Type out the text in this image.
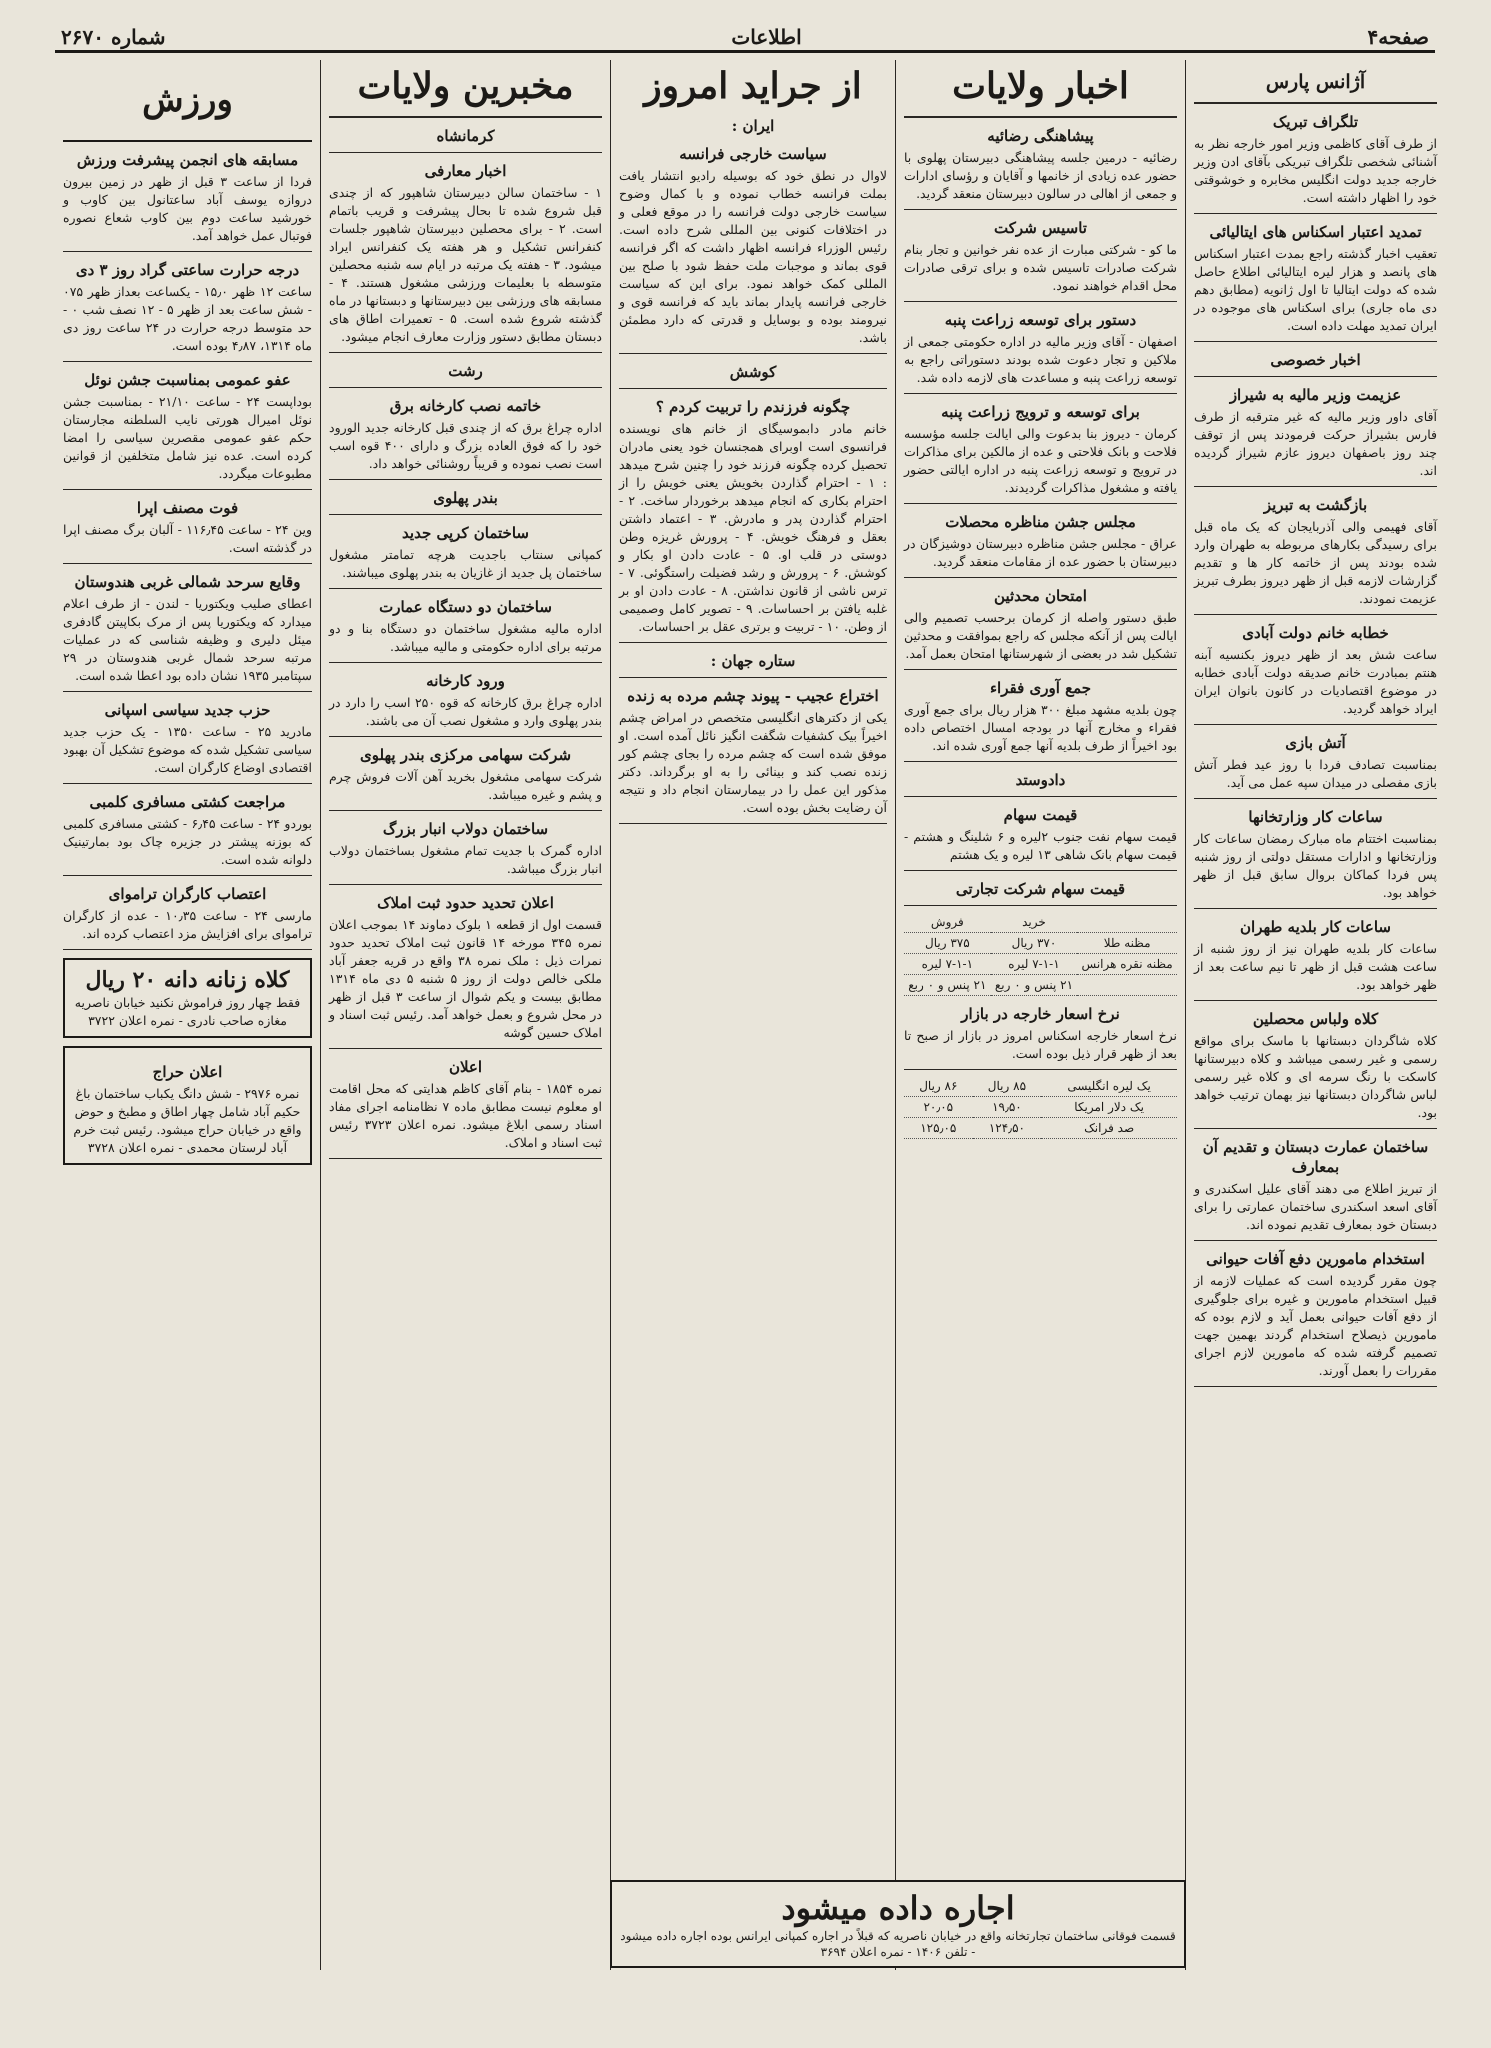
صفحه۴
اطلاعات
شماره ۲۶۷۰
آژانس پارس
تلگراف تبریک
از طرف آقای کاظمی وزیر امور خارجه نظر به آشنائی شخصی تلگراف تبریکی بآقای ادن وزیر خارجه جدید دولت انگلیس مخابره و خوشوقتی خود را اظهار داشته است.
تمدید اعتبار اسکناس های ایتالیائی
تعقیب اخبار گذشته راجع بمدت اعتبار اسکناس های پانصد و هزار لیره ایتالیائی اطلاع حاصل شده که دولت ایتالیا تا اول ژانویه (مطابق دهم دی ماه جاری) برای اسکناس های موجوده در ایران تمدید مهلت داده است.
اخبار خصوصی
عزیمت وزیر مالیه به شیراز
آقای داور وزیر مالیه که غیر مترقبه از طرف فارس بشیراز حرکت فرمودند پس از توقف چند روز باصفهان دیروز عازم شیراز گردیده اند.
بازگشت به تبریز
آقای فهیمی والی آذربایجان که یک ماه قبل برای رسیدگی بکارهای مربوطه به طهران وارد شده بودند پس از خاتمه کار ها و تقدیم گزارشات لازمه قبل از ظهر دیروز بطرف تبریز عزیمت نمودند.
خطابه خانم دولت آبادی
ساعت شش بعد از ظهر دیروز بکنسیه آبنه هنتم بمبادرت خانم صدیقه دولت آبادی خطابه در موضوع اقتصادیات در کانون بانوان ایران ایراد خواهد گردید.
آتش بازی
بمناسبت تصادف فردا با روز عید فطر آتش بازی مفصلی در میدان سپه عمل می آید.
ساعات کار وزارتخانها
بمناسبت اختتام ماه مبارک رمضان ساعات کار وزارتخانها و ادارات مستقل دولتی از روز شنبه پس فردا کماکان بروال سابق قبل از ظهر خواهد بود.
ساعات کار بلدیه طهران
ساعات کار بلدیه طهران نیز از روز شنبه از ساعت هشت قبل از ظهر تا نیم ساعت بعد از ظهر خواهد بود.
کلاه ولباس محصلین
کلاه شاگردان دبستانها با ماسک برای مواقع رسمی و غیر رسمی میباشد و کلاه دبیرستانها کاسکت با رنگ سرمه ای و کلاه غیر رسمی لباس شاگردان دبستانها نیز بهمان ترتیب خواهد بود.
ساختمان عمارت دبستان و تقدیم آن بمعارف
از تبریز اطلاع می دهند آقای علیل اسکندری و آقای اسعد اسکندری ساختمان عمارتی را برای دبستان خود بمعارف تقدیم نموده اند.
استخدام مامورین دفع آفات حیوانی
چون مقرر گردیده است که عملیات لازمه از قبیل استخدام مامورین و غیره برای جلوگیری از دفع آفات حیوانی بعمل آید و لازم بوده که مامورین ذیصلاح استخدام گردند بهمین جهت تصمیم گرفته شده که مامورین لازم اجرای مقررات را بعمل آورند.
اخبار ولایات
پیشاهنگی رضائیه
رضائیه - درمین جلسه پیشاهنگی دبیرستان پهلوی با حضور عده زیادی از خانمها و آقایان و رؤسای ادارات و جمعی از اهالی در سالون دبیرستان منعقد گردید.
تاسیس شرکت
ما کو - شرکتی مبارت از عده نفر خوانین و تجار بنام شرکت صادرات تاسیس شده و برای ترقی صادرات محل اقدام خواهند نمود.
دستور برای توسعه زراعت پنبه
اصفهان - آقای وزیر مالیه در اداره حکومتی جمعی از ملاکین و تجار دعوت شده بودند دستوراتی راجع به توسعه زراعت پنبه و مساعدت های لازمه داده شد.
برای توسعه و ترویج زراعت پنبه
کرمان - دیروز بنا بدعوت والی ایالت جلسه مؤسسه فلاحت و بانک فلاحتی و عده از مالکین برای مذاکرات در ترویج و توسعه زراعت پنبه در اداره ایالتی حضور یافته و مشغول مذاکرات گردیدند.
مجلس جشن مناظره محصلات
عراق - مجلس جشن مناظره دبیرستان دوشیزگان در دبیرستان با حضور عده از مقامات منعقد گردید.
امتحان محدثین
طبق دستور واصله از کرمان برحسب تصمیم والی ایالت پس از آنکه مجلس که راجع بموافقت و محدثین تشکیل شد در بعضی از شهرستانها امتحان بعمل آمد.
جمع آوری فقراء
چون بلدیه مشهد مبلغ ۳۰۰ هزار ریال برای جمع آوری فقراء و مخارج آنها در بودجه امسال اختصاص داده بود اخیراً از طرف بلدیه آنها جمع آوری شده اند.
دادوستد
قیمت سهام
قیمت سهام نفت جنوب ۲لیره و ۶ شلینگ و هشتم - قیمت سهام بانک شاهی ۱۳ لیره و یک هشتم
قیمت سهام شرکت تجارتی
	خرید	فروش
مظنه طلا	۳۷۰ ریال	۳۷۵ ریال
مظنه نقره هرانس	۷-۱-۱ لیره	۷-۱-۱ لیره
	۲۱ پنس و ۰ ربع	۲۱ پنس و ۰ ربع
نرخ اسعار خارجه در بازار
نرخ اسعار خارجه اسکناس امروز در بازار از صبح تا بعد از ظهر قرار ذیل بوده است.
یک لیره انگلیسی	۸۵ ریال	۸۶ ریال
یک دلار امریکا	۱۹٫۵۰	۲۰٫۰۵
صد فرانک	۱۲۴٫۵۰	۱۲۵٫۰۵
از جراید امروز
ایران :
سیاست خارجی فرانسه
لاوال در نطق خود که بوسیله رادیو انتشار یافت بملت فرانسه خطاب نموده و با کمال وضوح سیاست خارجی دولت فرانسه را در موقع فعلی و در اختلافات کنونی بین المللی شرح داده است. رئیس الوزراء فرانسه اظهار داشت که اگر فرانسه قوی بماند و موجبات ملت حفظ شود با صلح بین المللی کمک خواهد نمود. برای این که سیاست خارجی فرانسه پایدار بماند باید که فرانسه قوی و نیرومند بوده و بوسایل و قدرتی که دارد مطمئن باشد.
کوشش
چگونه فرزندم را تربیت کردم ؟
خانم مادر دابموسیگای از خانم های نویسنده فرانسوی است اوبرای همجنسان خود یعنی مادران تحصیل کرده چگونه فرزند خود را چنین شرح میدهد : ۱ - احترام گذاردن بخویش یعنی خویش را از احترام بکاری که انجام میدهد برخوردار ساخت. ۲ - احترام گذاردن پدر و مادرش. ۳ - اعتماد داشتن بعقل و فرهنگ خویش. ۴ - پرورش غریزه وطن دوستی در قلب او. ۵ - عادت دادن او بکار و کوشش. ۶ - پرورش و رشد فضیلت راستگوئی. ۷ - ترس ناشی از قانون نداشتن. ۸ - عادت دادن او بر غلبه یافتن بر احساسات. ۹ - تصویر کامل وصمیمی از وطن. ۱۰ - تربیت و برتری عقل بر احساسات.
ستاره جهان :
اختراع عجیب - پیوند چشم مرده به زنده
یکی از دکترهای انگلیسی متخصص در امراض چشم اخیراً بیک کشفیات شگفت انگیز نائل آمده است. او موفق شده است که چشم مرده را بجای چشم کور زنده نصب کند و بینائی را به او برگرداند. دکتر مذکور این عمل را در بیمارستان انجام داد و نتیجه آن رضایت بخش بوده است.
مخبرین ولایات
کرمانشاه
اخبار معارفی
۱ - ساختمان سالن دبیرستان شاهپور که از چندی قبل شروع شده تا بحال پیشرفت و قریب باتمام است. ۲ - برای محصلین دبیرستان شاهپور جلسات کنفرانس تشکیل و هر هفته یک کنفرانس ایراد میشود. ۳ - هفته یک مرتبه در ایام سه شنبه محصلین متوسطه با بعلیمات ورزشی مشغول هستند. ۴ - مسابقه های ورزشی بین دبیرستانها و دبستانها در ماه گذشته شروع شده است. ۵ - تعمیرات اطاق های دبستان مطابق دستور وزارت معارف انجام میشود.
رشت
خاتمه نصب کارخانه برق
اداره چراغ برق که از چندی قبل کارخانه جدید الورود خود را که فوق العاده بزرگ و دارای ۴۰۰ قوه اسب است نصب نموده و قریباً روشنائی خواهد داد.
بندر پهلوی
ساختمان کرپی جدید
کمپانی سنتاب باجدیت هرچه تمامتر مشغول ساختمان پل جدید از غازیان به بندر پهلوی میباشند.
ساختمان دو دستگاه عمارت
اداره مالیه مشغول ساختمان دو دستگاه بنا و دو مرتبه برای اداره حکومتی و مالیه میباشد.
ورود کارخانه
اداره چراغ برق کارخانه که قوه ۲۵۰ اسب را دارد در بندر پهلوی وارد و مشغول نصب آن می باشند.
شرکت سهامی مرکزی بندر پهلوی
شرکت سهامی مشغول بخرید آهن آلات فروش چرم و پشم و غیره میباشد.
ساختمان دولاب انبار بزرگ
اداره گمرک با جدیت تمام مشغول بساختمان دولاب انبار بزرگ میباشد.
اعلان تحدید حدود ثبت املاک
قسمت اول از قطعه ۱ بلوک دماوند ۱۴ بموجب اعلان نمره ۳۴۵ مورخه ۱۴ قانون ثبت املاک تحدید حدود نمرات ذیل : ملک نمره ۳۸ واقع در قریه جعفر آباد ملکی خالص دولت از روز ۵ شنبه ۵ دی ماه ۱۳۱۴ مطابق بیست و یکم شوال از ساعت ۳ قبل از ظهر در محل شروع و بعمل خواهد آمد. رئیس ثبت اسناد و املاک حسین گوشه
اعلان
نمره ۱۸۵۴ - بنام آقای کاظم هدایتی که محل اقامت او معلوم نیست مطابق ماده ۷ نظامنامه اجرای مفاد اسناد رسمی ابلاغ میشود. نمره اعلان ۳۷۲۳ رئیس ثبت اسناد و املاک.
ورزش
مسابقه های انجمن پیشرفت ورزش
فردا از ساعت ۳ قبل از ظهر در زمین بیرون دروازه یوسف آباد ساعتانول بین کاوب و خورشید ساعت دوم بین کاوب شعاع نصوره فوتبال عمل خواهد آمد.
درجه حرارت ساعتی گراد روز ۳ دی
ساعت ۱۲ ظهر ۱۵٫۰ - یکساعت بعداز ظهر ۰۷۵ - شش ساعت بعد از ظهر ۵ - ۱۲ نصف شب ۰ - حد متوسط درجه حرارت در ۲۴ ساعت روز دی ماه ۱۳۱۴، ۴٫۸۷ بوده است.
عفو عمومی بمناسبت جشن نوئل
بوداپست ۲۴ - ساعت ۲۱/۱۰ - بمناسبت جشن نوئل امیرال هورتی نایب السلطنه مجارستان حکم عفو عمومی مقصرین سیاسی را امضا کرده است. عده نیز شامل متخلفین از قوانین مطبوعات میگردد.
فوت مصنف اپرا
وین ۲۴ - ساعت ۱۱۶٫۴۵ - آلبان برگ مصنف اپرا در گذشته است.
وقایع سرحد شمالی غربی هندوستان
اعطای صلیب ویکتوریا - لندن - از طرف اعلام میدارد که ویکتوریا پس از مرک بکاپیتن گادفری میئل دلیری و وظیفه شناسی که در عملیات مرتبه سرحد شمال غربی هندوستان در ۲۹ سپتامبر ۱۹۳۵ نشان داده بود اعطا شده است.
حزب جدید سیاسی اسپانی
مادرید ۲۵ - ساعت ۱۳۵۰ - یک حزب جدید سیاسی تشکیل شده که موضوع تشکیل آن بهبود اقتصادی اوضاع کارگران است.
مراجعت کشتی مسافری کلمبی
بوردو ۲۴ - ساعت ۶٫۴۵ - کشتی مسافری کلمبی که بوزنه پیشتر در جزیره چاک بود بمارتینیک دلوانه شده است.
اعتصاب کارگران تراموای
مارسی ۲۴ - ساعت ۱۰٫۳۵ - عده از کارگران تراموای برای افزایش مزد اعتصاب کرده اند.
کلاه زنانه دانه ۲۰ ریال
فقط چهار روز فراموش نکنید خیابان ناصریه مغازه صاحب نادری - نمره اعلان ۳۷۲۲
اعلان حراج
نمره ۲۹۷۶ - شش دانگ یکباب ساختمان باغ حکیم آباد شامل چهار اطاق و مطبخ و حوض واقع در خیابان حراج میشود. رئیس ثبت خرم آباد لرستان محمدی - نمره اعلان ۳۷۲۸
اجاره داده میشود
قسمت فوقانی ساختمان تجارتخانه واقع در خیابان ناصریه که قبلاً در اجاره کمپانی ایرانس بوده اجاره داده میشود - تلفن ۱۴۰۶ - نمره اعلان ۳۶۹۴
